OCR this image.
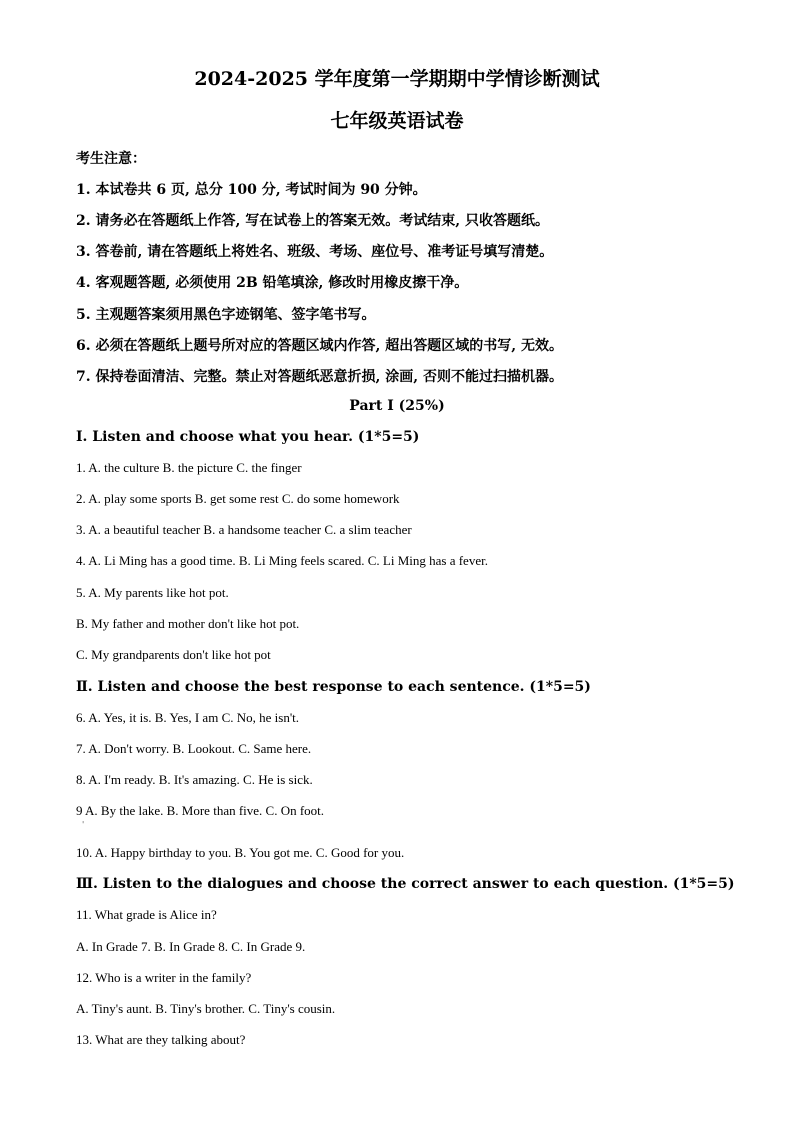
2024-2025 学年度第一学期期中学情诊断测试
七年级英语试卷
考生注意：
1. 本试卷共 6 页, 总分 100 分, 考试时间为 90 分钟。
2. 请务必在答题纸上作答, 写在试卷上的答案无效。考试结束, 只收答题纸。
3. 答卷前, 请在答题纸上将姓名、班级、考场、座位号、准考证号填写清楚。
4. 客观题答题, 必须使用 2B 铅笔填涂, 修改时用橡皮擦干净。
5. 主观题答案须用黑色字迹钢笔、签字笔书写。
6. 必须在答题纸上题号所对应的答题区域内作答, 超出答题区域的书写, 无效。
7. 保持卷面清洁、完整。禁止对答题纸恶意折损, 涂画, 否则不能过扫描机器。
Part Ⅰ (25%)
I. Listen and choose what you hear. (1*5=5)
1. A. the culture B. the picture C. the finger
2. A. play some sports B. get some rest C. do some homework
3. A. a beautiful teacher B. a handsome teacher C. a slim teacher
4. A. Li Ming has a good time. B. Li Ming feels scared. C. Li Ming has a fever.
5. A. My parents like hot pot.
B. My father and mother don't like hot pot.
C. My grandparents don't like hot pot
Ⅱ. Listen and choose the best response to each sentence. (1*5=5)
6. A. Yes, it is. B. Yes, I am C. No, he isn't.
7. A. Don't worry. B. Lookout. C. Same here.
8. A. I'm ready. B. It's amazing. C. He is sick.
9 A. By the lake. B. More than five. C. On foot.
'
10. A. Happy birthday to you. B. You got me. C. Good for you.
Ⅲ. Listen to the dialogues and choose the correct answer to each question. (1*5=5)
11. What grade is Alice in?
A. In Grade 7. B. In Grade 8. C. In Grade 9.
12. Who is a writer in the family?
A. Tiny's aunt. B. Tiny's brother. C. Tiny's cousin.
13. What are they talking about?
